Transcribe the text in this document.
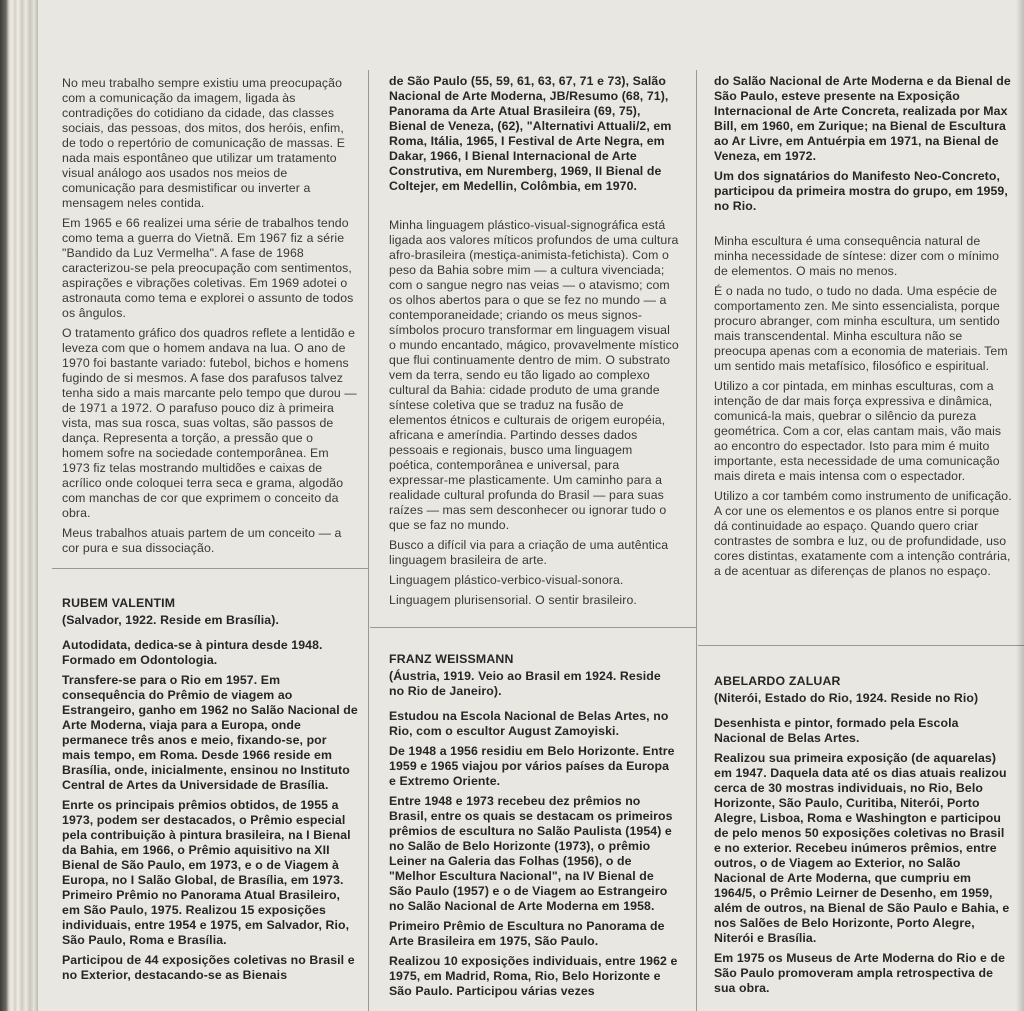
No meu trabalho sempre existiu uma preocupação com a comunicação da imagem, ligada às contradições do cotidiano da cidade, das classes sociais, das pessoas, dos mitos, dos heróis, enfim, de todo o repertório de comunicação de massas. E nada mais espontâneo que utilizar um tratamento visual análogo aos usados nos meios de comunicação para desmistificar ou inverter a mensagem neles contida.

Em 1965 e 66 realizei uma série de trabalhos tendo como tema a guerra do Vietnã. Em 1967 fiz a série "Bandido da Luz Vermelha". A fase de 1968 caracterizou-se pela preocupação com sentimentos, aspirações e vibrações coletivas. Em 1969 adotei o astronauta como tema e explorei o assunto de todos os ângulos.

O tratamento gráfico dos quadros reflete a lentidão e leveza com que o homem andava na lua. O ano de 1970 foi bastante variado: futebol, bichos e homens fugindo de si mesmos. A fase dos parafusos talvez tenha sido a mais marcante pelo tempo que durou — de 1971 a 1972. O parafuso pouco diz à primeira vista, mas sua rosca, suas voltas, são passos de dança. Representa a torção, a pressão que o homem sofre na sociedade contemporânea. Em 1973 fiz telas mostrando multidões e caixas de acrílico onde coloquei terra seca e grama, algodão com manchas de cor que exprimem o conceito da obra.

Meus trabalhos atuais partem de um conceito — a cor pura e sua dissociação.

RUBEM VALENTIM

(Salvador, 1922. Reside em Brasília).

Autodidata, dedica-se à pintura desde 1948. Formado em Odontologia.

Transfere-se para o Rio em 1957. Em consequência do Prêmio de viagem ao Estrangeiro, ganho em 1962 no Salão Nacional de Arte Moderna, viaja para a Europa, onde permanece três anos e meio, fixando-se, por mais tempo, em Roma. Desde 1966 reside em Brasília, onde, inicialmente, ensinou no Instituto Central de Artes da Universidade de Brasília.

Enrte os principais prêmios obtidos, de 1955 a 1973, podem ser destacados, o Prêmio especial pela contribuição à pintura brasileira, na I Bienal da Bahia, em 1966, o Prêmio aquisitivo na XII Bienal de São Paulo, em 1973, e o de Viagem à Europa, no I Salão Global, de Brasília, em 1973. Primeiro Prêmio no Panorama Atual Brasileiro, em São Paulo, 1975. Realizou 15 exposições individuais, entre 1954 e 1975, em Salvador, Rio, São Paulo, Roma e Brasília.

Participou de 44 exposições coletivas no Brasil e no Exterior, destacando-se as Bienais

de São Paulo (55, 59, 61, 63, 67, 71 e 73), Salão Nacional de Arte Moderna, JB/Resumo (68, 71), Panorama da Arte Atual Brasileira (69, 75), Bienal de Veneza, (62), "Alternativi Attuali/2, em Roma, Itália, 1965, I Festival de Arte Negra, em Dakar, 1966, I Bienal Internacional de Arte Construtiva, em Nuremberg, 1969, II Bienal de Coltejer, em Medellin, Colômbia, em 1970.

Minha linguagem plástico-visual-signográfica está ligada aos valores míticos profundos de uma cultura afro-brasileira (mestiça-animista-fetichista). Com o peso da Bahia sobre mim — a cultura vivenciada; com o sangue negro nas veias — o atavismo; com os olhos abertos para o que se fez no mundo — a contemporaneidade; criando os meus signos-símbolos procuro transformar em linguagem visual o mundo encantado, mágico, provavelmente místico que flui continuamente dentro de mim. O substrato vem da terra, sendo eu tão ligado ao complexo cultural da Bahia: cidade produto de uma grande síntese coletiva que se traduz na fusão de elementos étnicos e culturais de origem européia, africana e ameríndia. Partindo desses dados pessoais e regionais, busco uma linguagem poética, contemporânea e universal, para expressar-me plasticamente. Um caminho para a realidade cultural profunda do Brasil — para suas raízes — mas sem desconhecer ou ignorar tudo o que se faz no mundo.

Busco a difícil via para a criação de uma autêntica linguagem brasileira de arte.

Linguagem plástico-verbico-visual-sonora.

Linguagem plurisensorial. O sentir brasileiro.

FRANZ WEISSMANN

(Áustria, 1919. Veio ao Brasil em 1924. Reside no Rio de Janeiro).

Estudou na Escola Nacional de Belas Artes, no Rio, com o escultor August Zamoyiski.

De 1948 a 1956 residiu em Belo Horizonte. Entre 1959 e 1965 viajou por vários países da Europa e Extremo Oriente.

Entre 1948 e 1973 recebeu dez prêmios no Brasil, entre os quais se destacam os primeiros prêmios de escultura no Salão Paulista (1954) e no Salão de Belo Horizonte (1973), o prêmio Leiner na Galeria das Folhas (1956), o de "Melhor Escultura Nacional", na IV Bienal de São Paulo (1957) e o de Viagem ao Estrangeiro no Salão Nacional de Arte Moderna em 1958.

Primeiro Prêmio de Escultura no Panorama de Arte Brasileira em 1975, São Paulo.

Realizou 10 exposições individuais, entre 1962 e 1975, em Madrid, Roma, Rio, Belo Horizonte e São Paulo. Participou várias vezes

do Salão Nacional de Arte Moderna e da Bienal de São Paulo, esteve presente na Exposição Internacional de Arte Concreta, realizada por Max Bill, em 1960, em Zurique; na Bienal de Escultura ao Ar Livre, em Antuérpia em 1971, na Bienal de Veneza, em 1972.

Um dos signatários do Manifesto Neo-Concreto, participou da primeira mostra do grupo, em 1959, no Rio.

Minha escultura é uma consequência natural de minha necessidade de síntese: dizer com o mínimo de elementos. O mais no menos.

É o nada no tudo, o tudo no dada. Uma espécie de comportamento zen. Me sinto essencialista, porque procuro abranger, com minha escultura, um sentido mais transcendental. Minha escultura não se preocupa apenas com a economia de materiais. Tem um sentido mais metafísico, filosófico e espiritual.

Utilizo a cor pintada, em minhas esculturas, com a intenção de dar mais força expressiva e dinâmica, comunicá-la mais, quebrar o silêncio da pureza geométrica. Com a cor, elas cantam mais, vão mais ao encontro do espectador. Isto para mim é muito importante, esta necessidade de uma comunicação mais direta e mais intensa com o espectador.

Utilizo a cor também como instrumento de unificação. A cor une os elementos e os planos entre si porque dá continuidade ao espaço. Quando quero criar contrastes de sombra e luz, ou de profundidade, uso cores distintas, exatamente com a intenção contrária, a de acentuar as diferenças de planos no espaço.

ABELARDO ZALUAR

(Niterói, Estado do Rio, 1924. Reside no Rio)

Desenhista e pintor, formado pela Escola Nacional de Belas Artes.

Realizou sua primeira exposição (de aquarelas) em 1947. Daquela data até os dias atuais realizou cerca de 30 mostras individuais, no Rio, Belo Horizonte, São Paulo, Curitiba, Niterói, Porto Alegre, Lisboa, Roma e Washington e participou de pelo menos 50 exposições coletivas no Brasil e no exterior. Recebeu inúmeros prêmios, entre outros, o de Viagem ao Exterior, no Salão Nacional de Arte Moderna, que cumpriu em 1964/5, o Prêmio Leirner de Desenho, em 1959, além de outros, na Bienal de São Paulo e Bahia, e nos Salões de Belo Horizonte, Porto Alegre, Niterói e Brasília.

Em 1975 os Museus de Arte Moderna do Rio e de São Paulo promoveram ampla retrospectiva de sua obra.
